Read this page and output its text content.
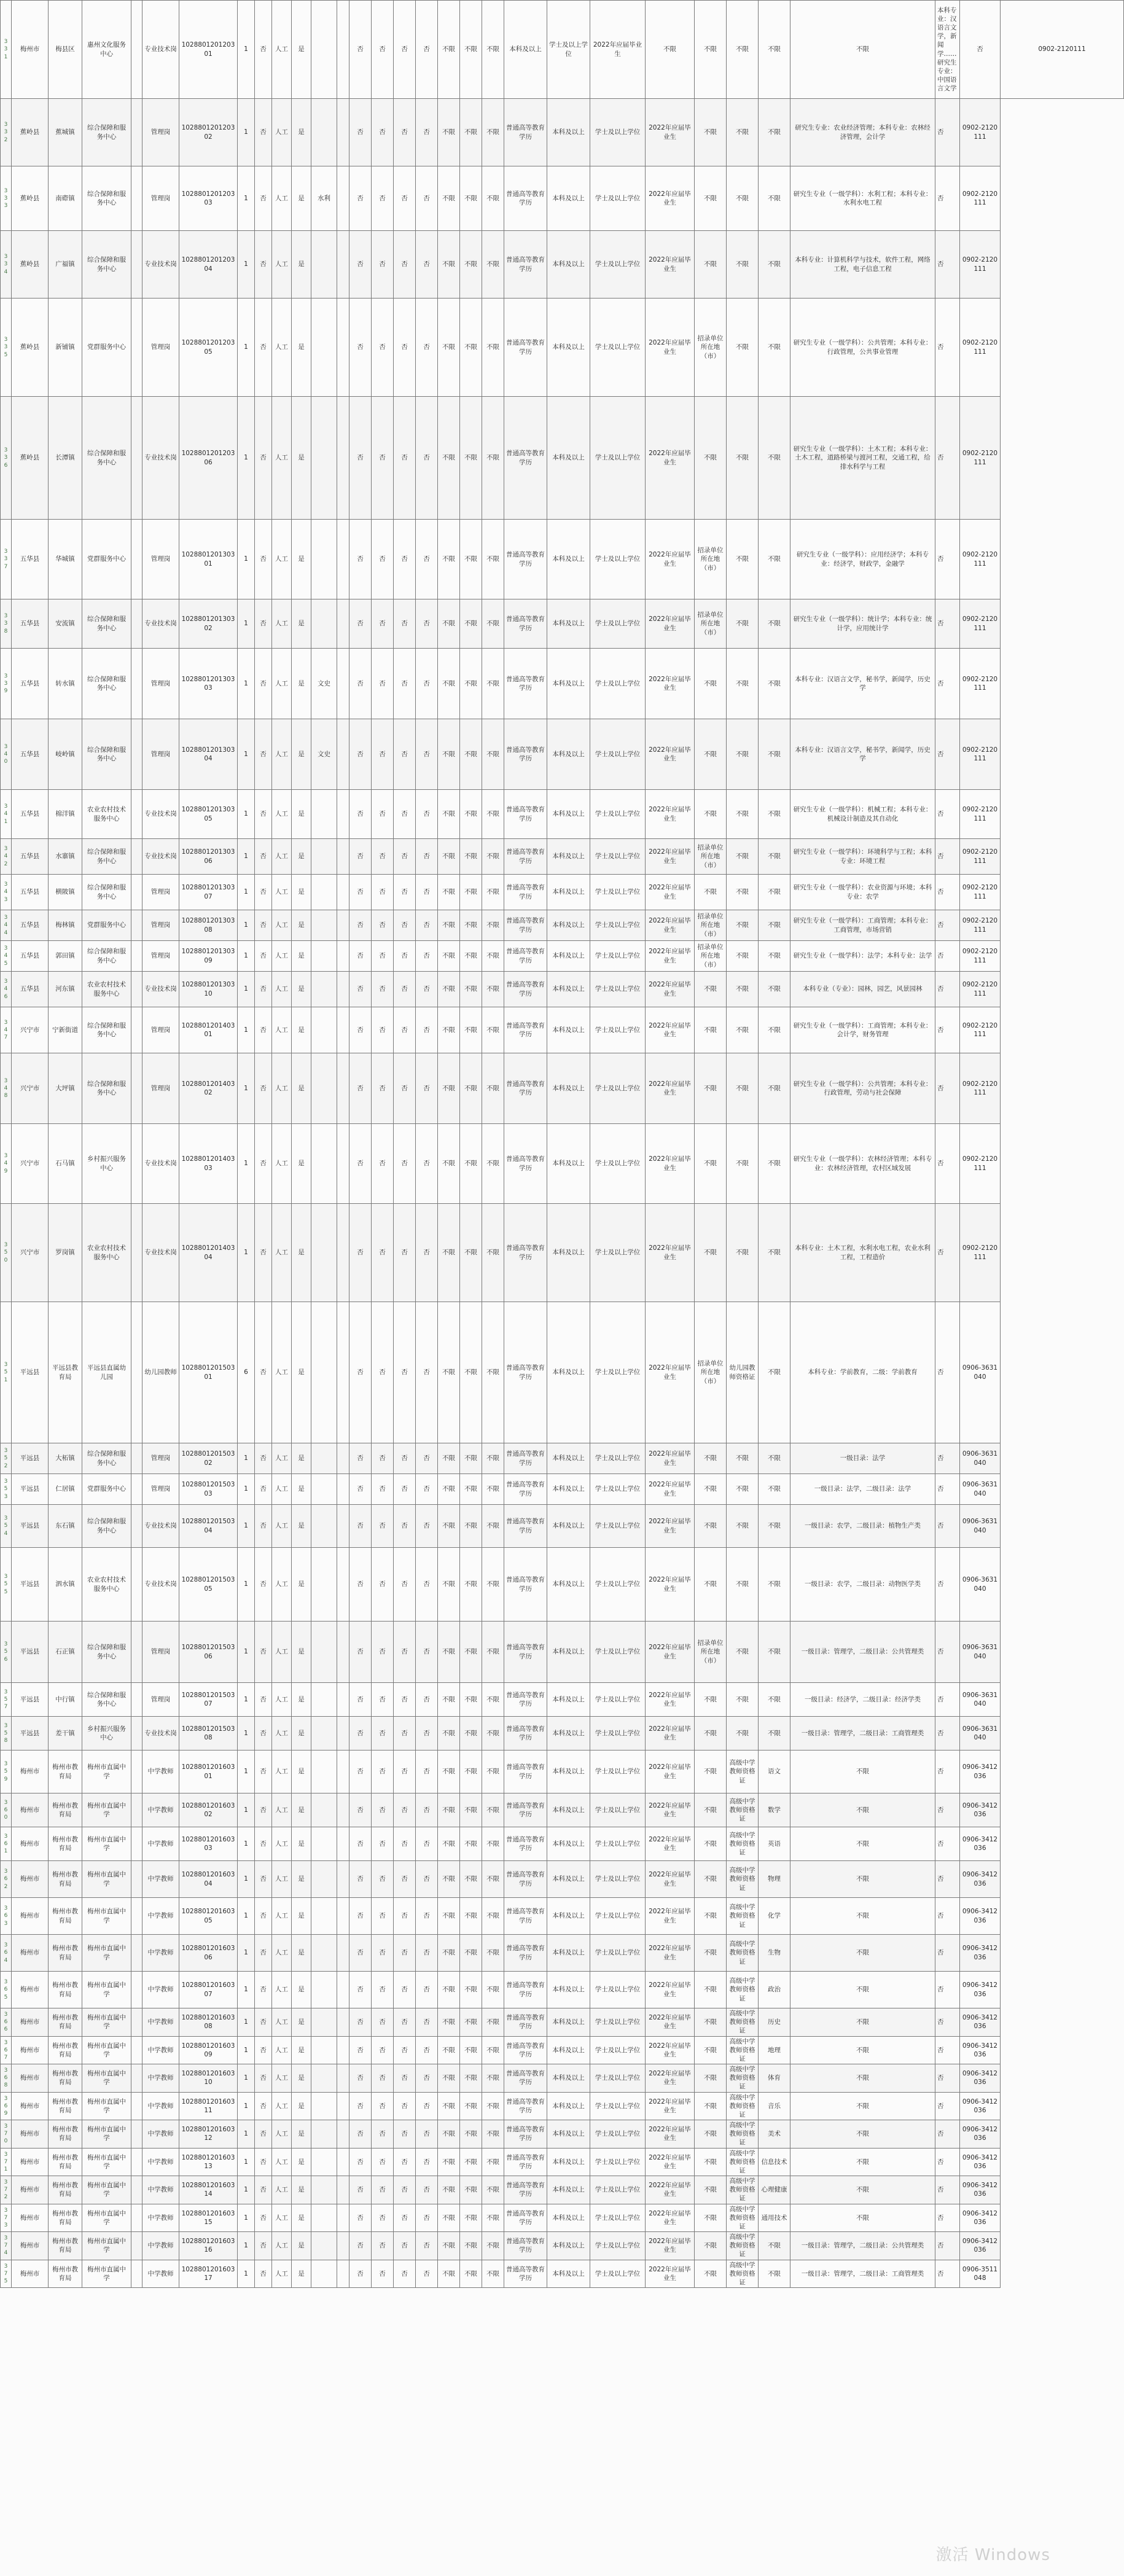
331	梅州市	梅县区	惠州文化服务中心		专业技术岗	102880120120301	1	否	人工	是			否	否	否	否	不限	不限	不限	本科及以上	学士及以上学位	2022年应届毕业生	不限	不限	不限	不限	不限	本科专业：汉语言文学，新闻学……研究生专业：中国语言文学	否	0902-2120111
332	蕉岭县	蕉城镇	综合保障和服务中心		管理岗	102880120120302	1	否	人工	是			否	否	否	否	不限	不限	不限	普通高等教育学历	本科及以上	学士及以上学位	2022年应届毕业生	不限	不限	不限	研究生专业：农业经济管理；本科专业：农林经济管理，会计学	否	0902-2120111	
333	蕉岭县	南磜镇	综合保障和服务中心		管理岗	102880120120303	1	否	人工	是	水利		否	否	否	否	不限	不限	不限	普通高等教育学历	本科及以上	学士及以上学位	2022年应届毕业生	不限	不限	不限	研究生专业（一级学科）：水利工程；本科专业：水利水电工程	否	0902-2120111	
334	蕉岭县	广福镇	综合保障和服务中心		专业技术岗	102880120120304	1	否	人工	是			否	否	否	否	不限	不限	不限	普通高等教育学历	本科及以上	学士及以上学位	2022年应届毕业生	不限	不限	不限	本科专业：计算机科学与技术，软件工程，网络工程，电子信息工程	否	0902-2120111	
335	蕉岭县	新铺镇	党群服务中心		管理岗	102880120120305	1	否	人工	是			否	否	否	否	不限	不限	不限	普通高等教育学历	本科及以上	学士及以上学位	2022年应届毕业生	招录单位所在地（市）	不限	不限	研究生专业（一级学科）：公共管理；本科专业：行政管理，公共事业管理	否	0902-2120111	
336	蕉岭县	长潭镇	综合保障和服务中心		专业技术岗	102880120120306	1	否	人工	是			否	否	否	否	不限	不限	不限	普通高等教育学历	本科及以上	学士及以上学位	2022年应届毕业生	不限	不限	不限	研究生专业（一级学科）：土木工程；本科专业：土木工程，道路桥梁与渡河工程，交通工程，给排水科学与工程	否	0902-2120111	
337	五华县	华城镇	党群服务中心		管理岗	102880120130301	1	否	人工	是			否	否	否	否	不限	不限	不限	普通高等教育学历	本科及以上	学士及以上学位	2022年应届毕业生	招录单位所在地（市）	不限	不限	研究生专业（一级学科）：应用经济学；本科专业：经济学，财政学，金融学	否	0902-2120111	
338	五华县	安流镇	综合保障和服务中心		专业技术岗	102880120130302	1	否	人工	是			否	否	否	否	不限	不限	不限	普通高等教育学历	本科及以上	学士及以上学位	2022年应届毕业生	招录单位所在地（市）	不限	不限	研究生专业（一级学科）：统计学；本科专业：统计学，应用统计学	否	0902-2120111	
339	五华县	转水镇	综合保障和服务中心		管理岗	102880120130303	1	否	人工	是	文史		否	否	否	否	不限	不限	不限	普通高等教育学历	本科及以上	学士及以上学位	2022年应届毕业生	不限	不限	不限	本科专业：汉语言文学，秘书学，新闻学，历史学	否	0902-2120111	
340	五华县	岐岭镇	综合保障和服务中心		管理岗	102880120130304	1	否	人工	是	文史		否	否	否	否	不限	不限	不限	普通高等教育学历	本科及以上	学士及以上学位	2022年应届毕业生	不限	不限	不限	本科专业：汉语言文学，秘书学，新闻学，历史学	否	0902-2120111	
341	五华县	棉洋镇	农业农村技术服务中心		专业技术岗	102880120130305	1	否	人工	是			否	否	否	否	不限	不限	不限	普通高等教育学历	本科及以上	学士及以上学位	2022年应届毕业生	不限	不限	不限	研究生专业（一级学科）：机械工程；本科专业：机械设计制造及其自动化	否	0902-2120111	
342	五华县	水寨镇	综合保障和服务中心		专业技术岗	102880120130306	1	否	人工	是			否	否	否	否	不限	不限	不限	普通高等教育学历	本科及以上	学士及以上学位	2022年应届毕业生	招录单位所在地（市）	不限	不限	研究生专业（一级学科）：环境科学与工程；本科专业：环境工程	否	0902-2120111	
343	五华县	横陂镇	综合保障和服务中心		管理岗	102880120130307	1	否	人工	是			否	否	否	否	不限	不限	不限	普通高等教育学历	本科及以上	学士及以上学位	2022年应届毕业生	不限	不限	不限	研究生专业（一级学科）：农业资源与环境；本科专业：农学	否	0902-2120111	
344	五华县	梅林镇	党群服务中心		管理岗	102880120130308	1	否	人工	是			否	否	否	否	不限	不限	不限	普通高等教育学历	本科及以上	学士及以上学位	2022年应届毕业生	招录单位所在地（市）	不限	不限	研究生专业（一级学科）：工商管理；本科专业：工商管理，市场营销	否	0902-2120111	
345	五华县	郭田镇	综合保障和服务中心		管理岗	102880120130309	1	否	人工	是			否	否	否	否	不限	不限	不限	普通高等教育学历	本科及以上	学士及以上学位	2022年应届毕业生	招录单位所在地（市）	不限	不限	研究生专业（一级学科）：法学；本科专业：法学	否	0902-2120111	
346	五华县	河东镇	农业农村技术服务中心		专业技术岗	102880120130310	1	否	人工	是			否	否	否	否	不限	不限	不限	普通高等教育学历	本科及以上	学士及以上学位	2022年应届毕业生	不限	不限	不限	本科专业（专业）：园林，园艺，风景园林	否	0902-2120111	
347	兴宁市	宁新街道	综合保障和服务中心		管理岗	102880120140301	1	否	人工	是			否	否	否	否	不限	不限	不限	普通高等教育学历	本科及以上	学士及以上学位	2022年应届毕业生	不限	不限	不限	研究生专业（一级学科）：工商管理；本科专业：会计学，财务管理	否	0902-2120111	
348	兴宁市	大坪镇	综合保障和服务中心		管理岗	102880120140302	1	否	人工	是			否	否	否	否	不限	不限	不限	普通高等教育学历	本科及以上	学士及以上学位	2022年应届毕业生	不限	不限	不限	研究生专业（一级学科）：公共管理；本科专业：行政管理，劳动与社会保障	否	0902-2120111	
349	兴宁市	石马镇	乡村振兴服务中心		专业技术岗	102880120140303	1	否	人工	是			否	否	否	否	不限	不限	不限	普通高等教育学历	本科及以上	学士及以上学位	2022年应届毕业生	不限	不限	不限	研究生专业（一级学科）：农林经济管理；本科专业：农林经济管理，农村区域发展	否	0902-2120111	
350	兴宁市	罗岗镇	农业农村技术服务中心		专业技术岗	102880120140304	1	否	人工	是			否	否	否	否	不限	不限	不限	普通高等教育学历	本科及以上	学士及以上学位	2022年应届毕业生	不限	不限	不限	本科专业：土木工程，水利水电工程，农业水利工程，工程造价	否	0902-2120111	
351	平远县	平远县教育局	平远县直属幼儿园		幼儿园教师	102880120150301	6	否	人工	是			否	否	否	否	不限	不限	不限	普通高等教育学历	本科及以上	学士及以上学位	2022年应届毕业生	招录单位所在地（市）	幼儿园教师资格证	不限	本科专业：学前教育，二级：学前教育	否	0906-3631040	
352	平远县	大柘镇	综合保障和服务中心		管理岗	102880120150302	1	否	人工	是			否	否	否	否	不限	不限	不限	普通高等教育学历	本科及以上	学士及以上学位	2022年应届毕业生	不限	不限	不限	一级目录：法学	否	0906-3631040	
353	平远县	仁居镇	党群服务中心		管理岗	102880120150303	1	否	人工	是			否	否	否	否	不限	不限	不限	普通高等教育学历	本科及以上	学士及以上学位	2022年应届毕业生	不限	不限	不限	一级目录：法学，二级目录：法学	否	0906-3631040	
354	平远县	东石镇	综合保障和服务中心		专业技术岗	102880120150304	1	否	人工	是			否	否	否	否	不限	不限	不限	普通高等教育学历	本科及以上	学士及以上学位	2022年应届毕业生	不限	不限	不限	一级目录：农学，二级目录：植物生产类	否	0906-3631040	
355	平远县	泗水镇	农业农村技术服务中心		专业技术岗	102880120150305	1	否	人工	是			否	否	否	否	不限	不限	不限	普通高等教育学历	本科及以上	学士及以上学位	2022年应届毕业生	不限	不限	不限	一级目录：农学，二级目录：动物医学类	否	0906-3631040	
356	平远县	石正镇	综合保障和服务中心		管理岗	102880120150306	1	否	人工	是			否	否	否	否	不限	不限	不限	普通高等教育学历	本科及以上	学士及以上学位	2022年应届毕业生	招录单位所在地（市）	不限	不限	一级目录：管理学，二级目录：公共管理类	否	0906-3631040	
357	平远县	中行镇	综合保障和服务中心		管理岗	102880120150307	1	否	人工	是			否	否	否	否	不限	不限	不限	普通高等教育学历	本科及以上	学士及以上学位	2022年应届毕业生	不限	不限	不限	一级目录：经济学，二级目录：经济学类	否	0906-3631040	
358	平远县	差干镇	乡村振兴服务中心		专业技术岗	102880120150308	1	否	人工	是			否	否	否	否	不限	不限	不限	普通高等教育学历	本科及以上	学士及以上学位	2022年应届毕业生	不限	不限	不限	一级目录：管理学，二级目录：工商管理类	否	0906-3631040	
359	梅州市	梅州市教育局	梅州市直属中学		中学教师	102880120160301	1	否	人工	是			否	否	否	否	不限	不限	不限	普通高等教育学历	本科及以上	学士及以上学位	2022年应届毕业生	不限	高级中学教师资格证	语文	不限	否	0906-3412036	
360	梅州市	梅州市教育局	梅州市直属中学		中学教师	102880120160302	1	否	人工	是			否	否	否	否	不限	不限	不限	普通高等教育学历	本科及以上	学士及以上学位	2022年应届毕业生	不限	高级中学教师资格证	数学	不限	否	0906-3412036	
361	梅州市	梅州市教育局	梅州市直属中学		中学教师	102880120160303	1	否	人工	是			否	否	否	否	不限	不限	不限	普通高等教育学历	本科及以上	学士及以上学位	2022年应届毕业生	不限	高级中学教师资格证	英语	不限	否	0906-3412036	
362	梅州市	梅州市教育局	梅州市直属中学		中学教师	102880120160304	1	否	人工	是			否	否	否	否	不限	不限	不限	普通高等教育学历	本科及以上	学士及以上学位	2022年应届毕业生	不限	高级中学教师资格证	物理	不限	否	0906-3412036	
363	梅州市	梅州市教育局	梅州市直属中学		中学教师	102880120160305	1	否	人工	是			否	否	否	否	不限	不限	不限	普通高等教育学历	本科及以上	学士及以上学位	2022年应届毕业生	不限	高级中学教师资格证	化学	不限	否	0906-3412036	
364	梅州市	梅州市教育局	梅州市直属中学		中学教师	102880120160306	1	否	人工	是			否	否	否	否	不限	不限	不限	普通高等教育学历	本科及以上	学士及以上学位	2022年应届毕业生	不限	高级中学教师资格证	生物	不限	否	0906-3412036	
365	梅州市	梅州市教育局	梅州市直属中学		中学教师	102880120160307	1	否	人工	是			否	否	否	否	不限	不限	不限	普通高等教育学历	本科及以上	学士及以上学位	2022年应届毕业生	不限	高级中学教师资格证	政治	不限	否	0906-3412036	
366	梅州市	梅州市教育局	梅州市直属中学		中学教师	102880120160308	1	否	人工	是			否	否	否	否	不限	不限	不限	普通高等教育学历	本科及以上	学士及以上学位	2022年应届毕业生	不限	高级中学教师资格证	历史	不限	否	0906-3412036	
367	梅州市	梅州市教育局	梅州市直属中学		中学教师	102880120160309	1	否	人工	是			否	否	否	否	不限	不限	不限	普通高等教育学历	本科及以上	学士及以上学位	2022年应届毕业生	不限	高级中学教师资格证	地理	不限	否	0906-3412036	
368	梅州市	梅州市教育局	梅州市直属中学		中学教师	102880120160310	1	否	人工	是			否	否	否	否	不限	不限	不限	普通高等教育学历	本科及以上	学士及以上学位	2022年应届毕业生	不限	高级中学教师资格证	体育	不限	否	0906-3412036	
369	梅州市	梅州市教育局	梅州市直属中学		中学教师	102880120160311	1	否	人工	是			否	否	否	否	不限	不限	不限	普通高等教育学历	本科及以上	学士及以上学位	2022年应届毕业生	不限	高级中学教师资格证	音乐	不限	否	0906-3412036	
370	梅州市	梅州市教育局	梅州市直属中学		中学教师	102880120160312	1	否	人工	是			否	否	否	否	不限	不限	不限	普通高等教育学历	本科及以上	学士及以上学位	2022年应届毕业生	不限	高级中学教师资格证	美术	不限	否	0906-3412036	
371	梅州市	梅州市教育局	梅州市直属中学		中学教师	102880120160313	1	否	人工	是			否	否	否	否	不限	不限	不限	普通高等教育学历	本科及以上	学士及以上学位	2022年应届毕业生	不限	高级中学教师资格证	信息技术	不限	否	0906-3412036	
372	梅州市	梅州市教育局	梅州市直属中学		中学教师	102880120160314	1	否	人工	是			否	否	否	否	不限	不限	不限	普通高等教育学历	本科及以上	学士及以上学位	2022年应届毕业生	不限	高级中学教师资格证	心理健康	不限	否	0906-3412036	
373	梅州市	梅州市教育局	梅州市直属中学		中学教师	102880120160315	1	否	人工	是			否	否	否	否	不限	不限	不限	普通高等教育学历	本科及以上	学士及以上学位	2022年应届毕业生	不限	高级中学教师资格证	通用技术	不限	否	0906-3412036	
374	梅州市	梅州市教育局	梅州市直属中学		中学教师	102880120160316	1	否	人工	是			否	否	否	否	不限	不限	不限	普通高等教育学历	本科及以上	学士及以上学位	2022年应届毕业生	不限	高级中学教师资格证	不限	一级目录：管理学，二级目录：公共管理类	否	0906-3412036	
375	梅州市	梅州市教育局	梅州市直属中学		中学教师	102880120160317	1	否	人工	是			否	否	否	否	不限	不限	不限	普通高等教育学历	本科及以上	学士及以上学位	2022年应届毕业生	不限	高级中学教师资格证	不限	一级目录：管理学，二级目录：工商管理类	否	0906-3511048	
激活 Windows
